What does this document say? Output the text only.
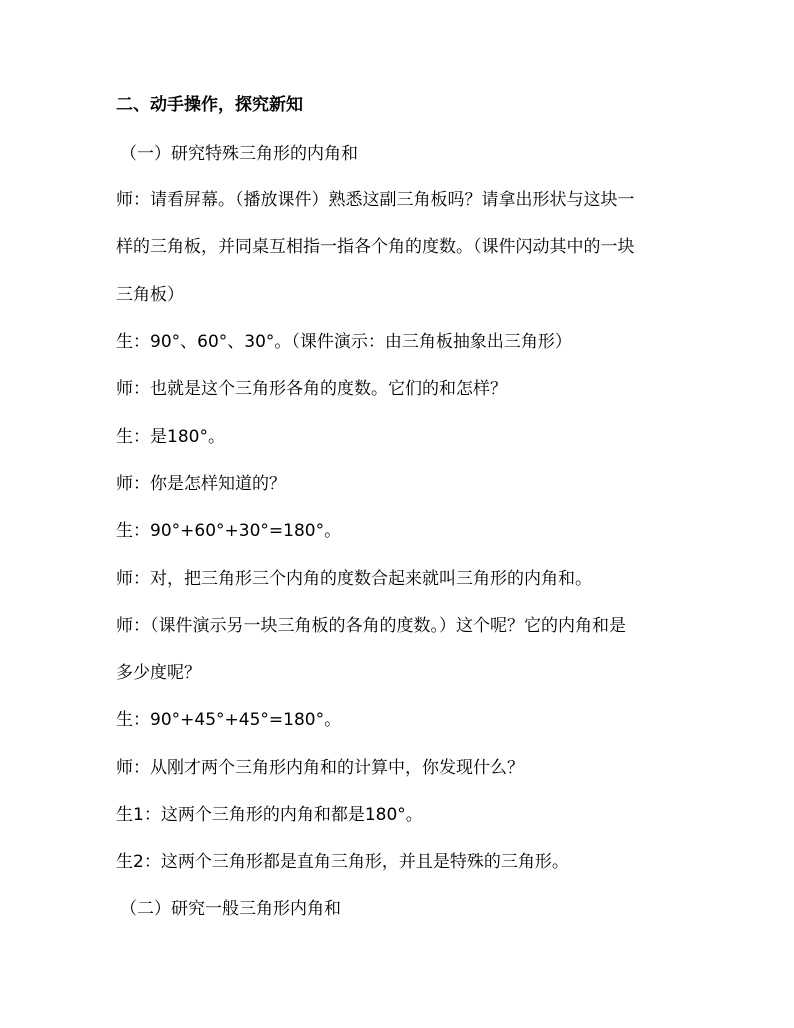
二、动手操作，探究新知
（一）研究特殊三角形的内角和
师：请看屏幕。（播放课件）熟悉这副三角板吗？请拿出形状与这块一
样的三角板，并同桌互相指一指各个角的度数。（课件闪动其中的一块
三角板）
生：90°、60°、30°。（课件演示：由三角板抽象出三角形）
师：也就是这个三角形各角的度数。它们的和怎样？
生：是180°。
师：你是怎样知道的？
生：90°+60°+30°=180°。
师：对，把三角形三个内角的度数合起来就叫三角形的内角和。
师：（课件演示另一块三角板的各角的度数。）这个呢？它的内角和是
多少度呢？
生：90°+45°+45°=180°。
师：从刚才两个三角形内角和的计算中，你发现什么？
生1：这两个三角形的内角和都是180°。
生2：这两个三角形都是直角三角形，并且是特殊的三角形。
（二）研究一般三角形内角和
